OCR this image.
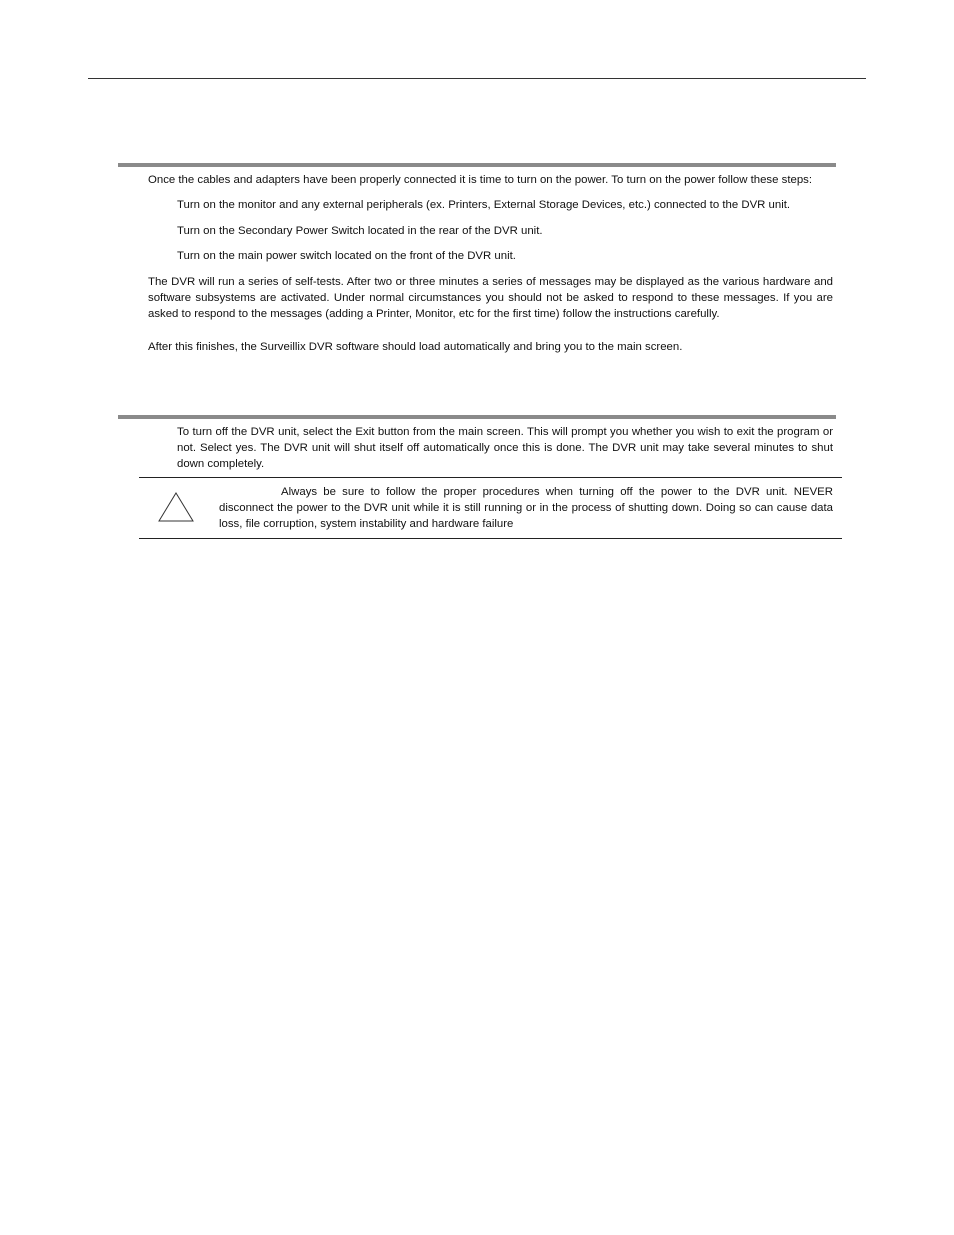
Once the cables and adapters have been properly connected it is time to turn on the power. To turn on the power follow these steps:

Turn on the monitor and any external peripherals (ex. Printers, External Storage Devices, etc.) connected to the DVR unit.

Turn on the Secondary Power Switch located in the rear of the DVR unit.

Turn on the main power switch located on the front of the DVR unit.

The DVR will run a series of self-tests. After two or three minutes a series of messages may be displayed as the various hardware and software subsystems are activated. Under normal circumstances you should not be asked to respond to these messages. If you are asked to respond to the messages (adding a Printer, Monitor, etc for the first time) follow the instructions carefully.

After this finishes, the Surveillix DVR software should load automatically and bring you to the main screen.

To turn off the DVR unit, select the Exit button from the main screen. This will prompt you whether you wish to exit the program or not. Select yes. The DVR unit will shut itself off automatically once this is done. The DVR unit may take several minutes to shut down completely.

Always be sure to follow the proper procedures when turning off the power to the DVR unit. NEVER disconnect the power to the DVR unit while it is still running or in the process of shutting down. Doing so can cause data loss, file corruption, system instability and hardware failure
